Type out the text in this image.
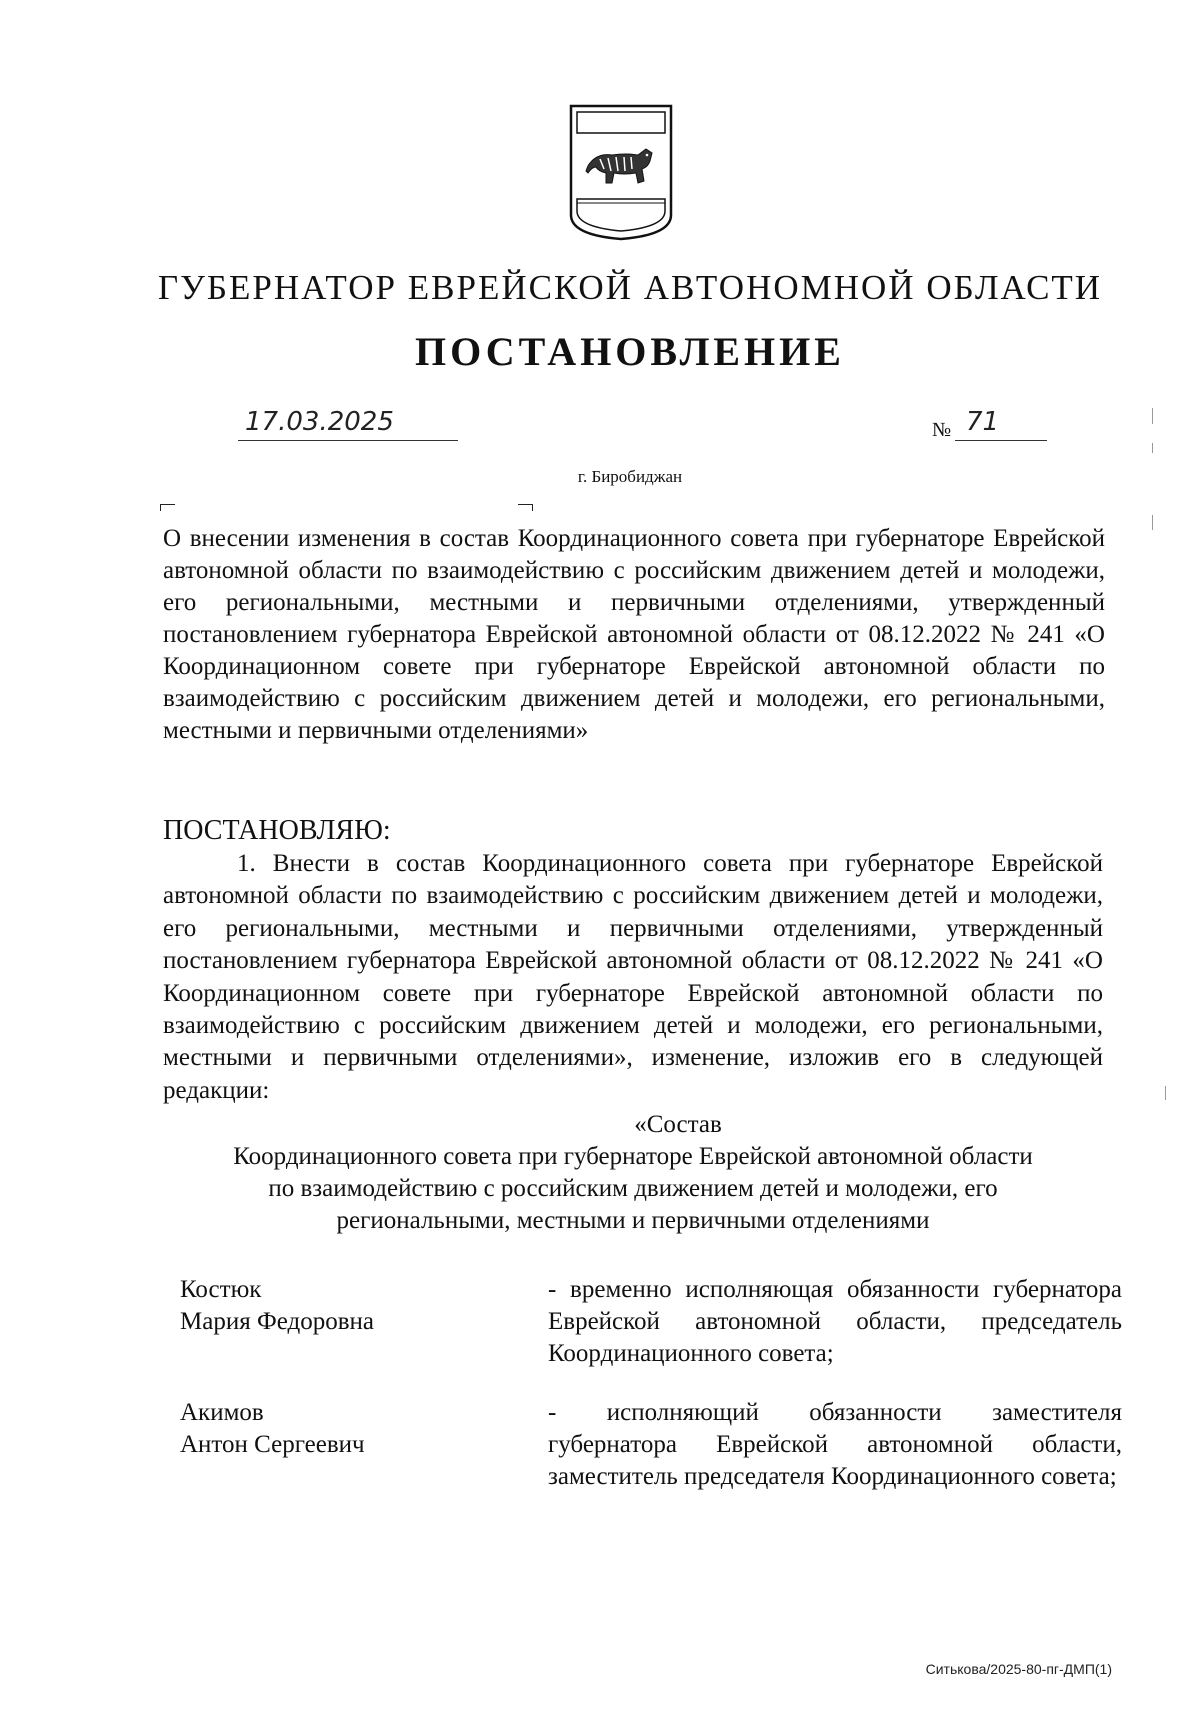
ГУБЕРНАТОР ЕВРЕЙСКОЙ АВТОНОМНОЙ ОБЛАСТИ
ПОСТАНОВЛЕНИЕ
17.03.2025	№ 71
г. Биробиджан
О внесении изменения в состав Координационного совета при губернаторе Еврейской автономной области по взаимодействию с российским движением детей и молодежи, его региональными, местными и первичными отделениями, утвержденный постановлением губернатора Еврейской автономной области от 08.12.2022 № 241 «О Координационном совете при губернаторе Еврейской автономной области по взаимодействию с российским движением детей и молодежи, его региональными, местными и первичными отделениями»
ПОСТАНОВЛЯЮ:
1. Внести в состав Координационного совета при губернаторе Еврейской автономной области по взаимодействию с российским движением детей и молодежи, его региональными, местными и первичными отделениями, утвержденный постановлением губернатора Еврейской автономной области от 08.12.2022 № 241 «О Координационном совете при губернаторе Еврейской автономной области по взаимодействию с российским движением детей и молодежи, его региональными, местными и первичными отделениями», изменение, изложив его в следующей редакции:
«Состав
Координационного совета при губернаторе Еврейской автономной области
по взаимодействию с российским движением детей и молодежи, его
региональными, местными и первичными отделениями
Костюк
Мария Федоровна
- временно исполняющая обязанности губернатора Еврейской автономной области, председатель Координационного совета;
Акимов
Антон Сергеевич
- исполняющий обязанности заместителя губернатора Еврейской автономной области, заместитель председателя Координационного совета;
Ситькова/2025-80-пг-ДМП(1)
